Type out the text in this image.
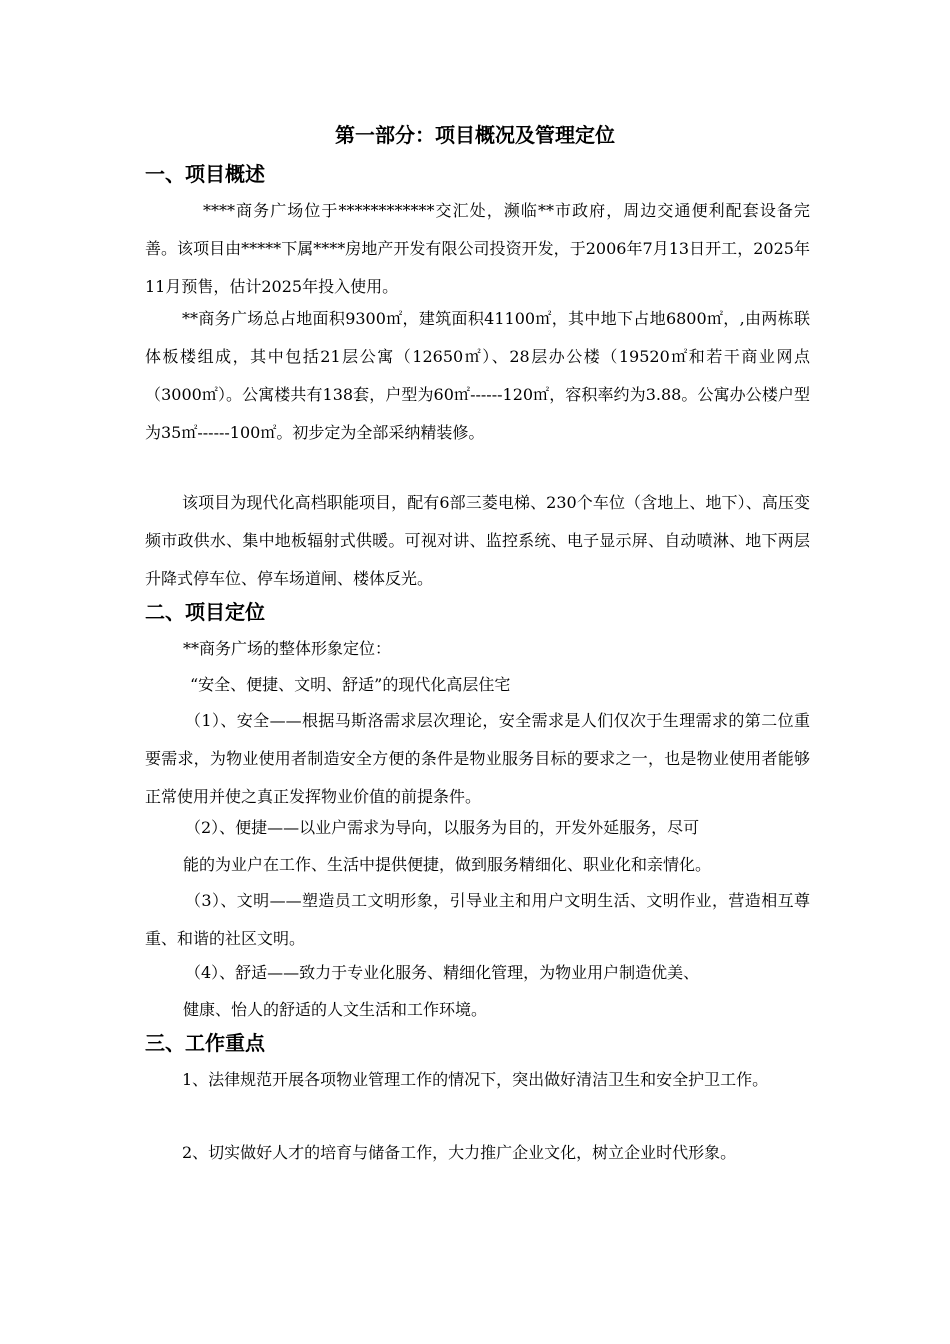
第一部分：项目概况及管理定位
一、项目概述

****商务广场位于************交汇处，濒临**市政府，周边交通便利配套设备完善。该项目由*****下属****房地产开发有限公司投资开发，于2006年7月13日开工，2025年11月预售，估计2025年投入使用。

**商务广场总占地面积9300㎡，建筑面积41100㎡，其中地下占地6800㎡，,由两栋联体板楼组成，其中包括21层公寓（12650㎡）、28层办公楼（19520㎡和若干商业网点（3000㎡）。公寓楼共有138套，户型为60㎡------120㎡，容积率约为3.88。公寓办公楼户型为35㎡------100㎡。初步定为全部采纳精装修。

该项目为现代化高档职能项目，配有6部三菱电梯、230个车位（含地上、地下）、高压变频市政供水、集中地板辐射式供暖。可视对讲、监控系统、电子显示屏、自动喷淋、地下两层升降式停车位、停车场道闸、楼体反光。

二、项目定位

**商务广场的整体形象定位：

“安全、便捷、文明、舒适”的现代化高层住宅

（1）、安全——根据马斯洛需求层次理论，安全需求是人们仅次于生理需求的第二位重要需求，为物业使用者制造安全方便的条件是物业服务目标的要求之一，也是物业使用者能够正常使用并使之真正发挥物业价值的前提条件。

（2）、便捷——以业户需求为导向，以服务为目的，开发外延服务，尽可

能的为业户在工作、生活中提供便捷，做到服务精细化、职业化和亲情化。

（3）、文明——塑造员工文明形象，引导业主和用户文明生活、文明作业，营造相互尊重、和谐的社区文明。

（4）、舒适——致力于专业化服务、精细化管理，为物业用户制造优美、

健康、怡人的舒适的人文生活和工作环境。

三、工作重点

1、法律规范开展各项物业管理工作的情况下，突出做好清洁卫生和安全护卫工作。

2、切实做好人才的培育与储备工作，大力推广企业文化，树立企业时代形象。
